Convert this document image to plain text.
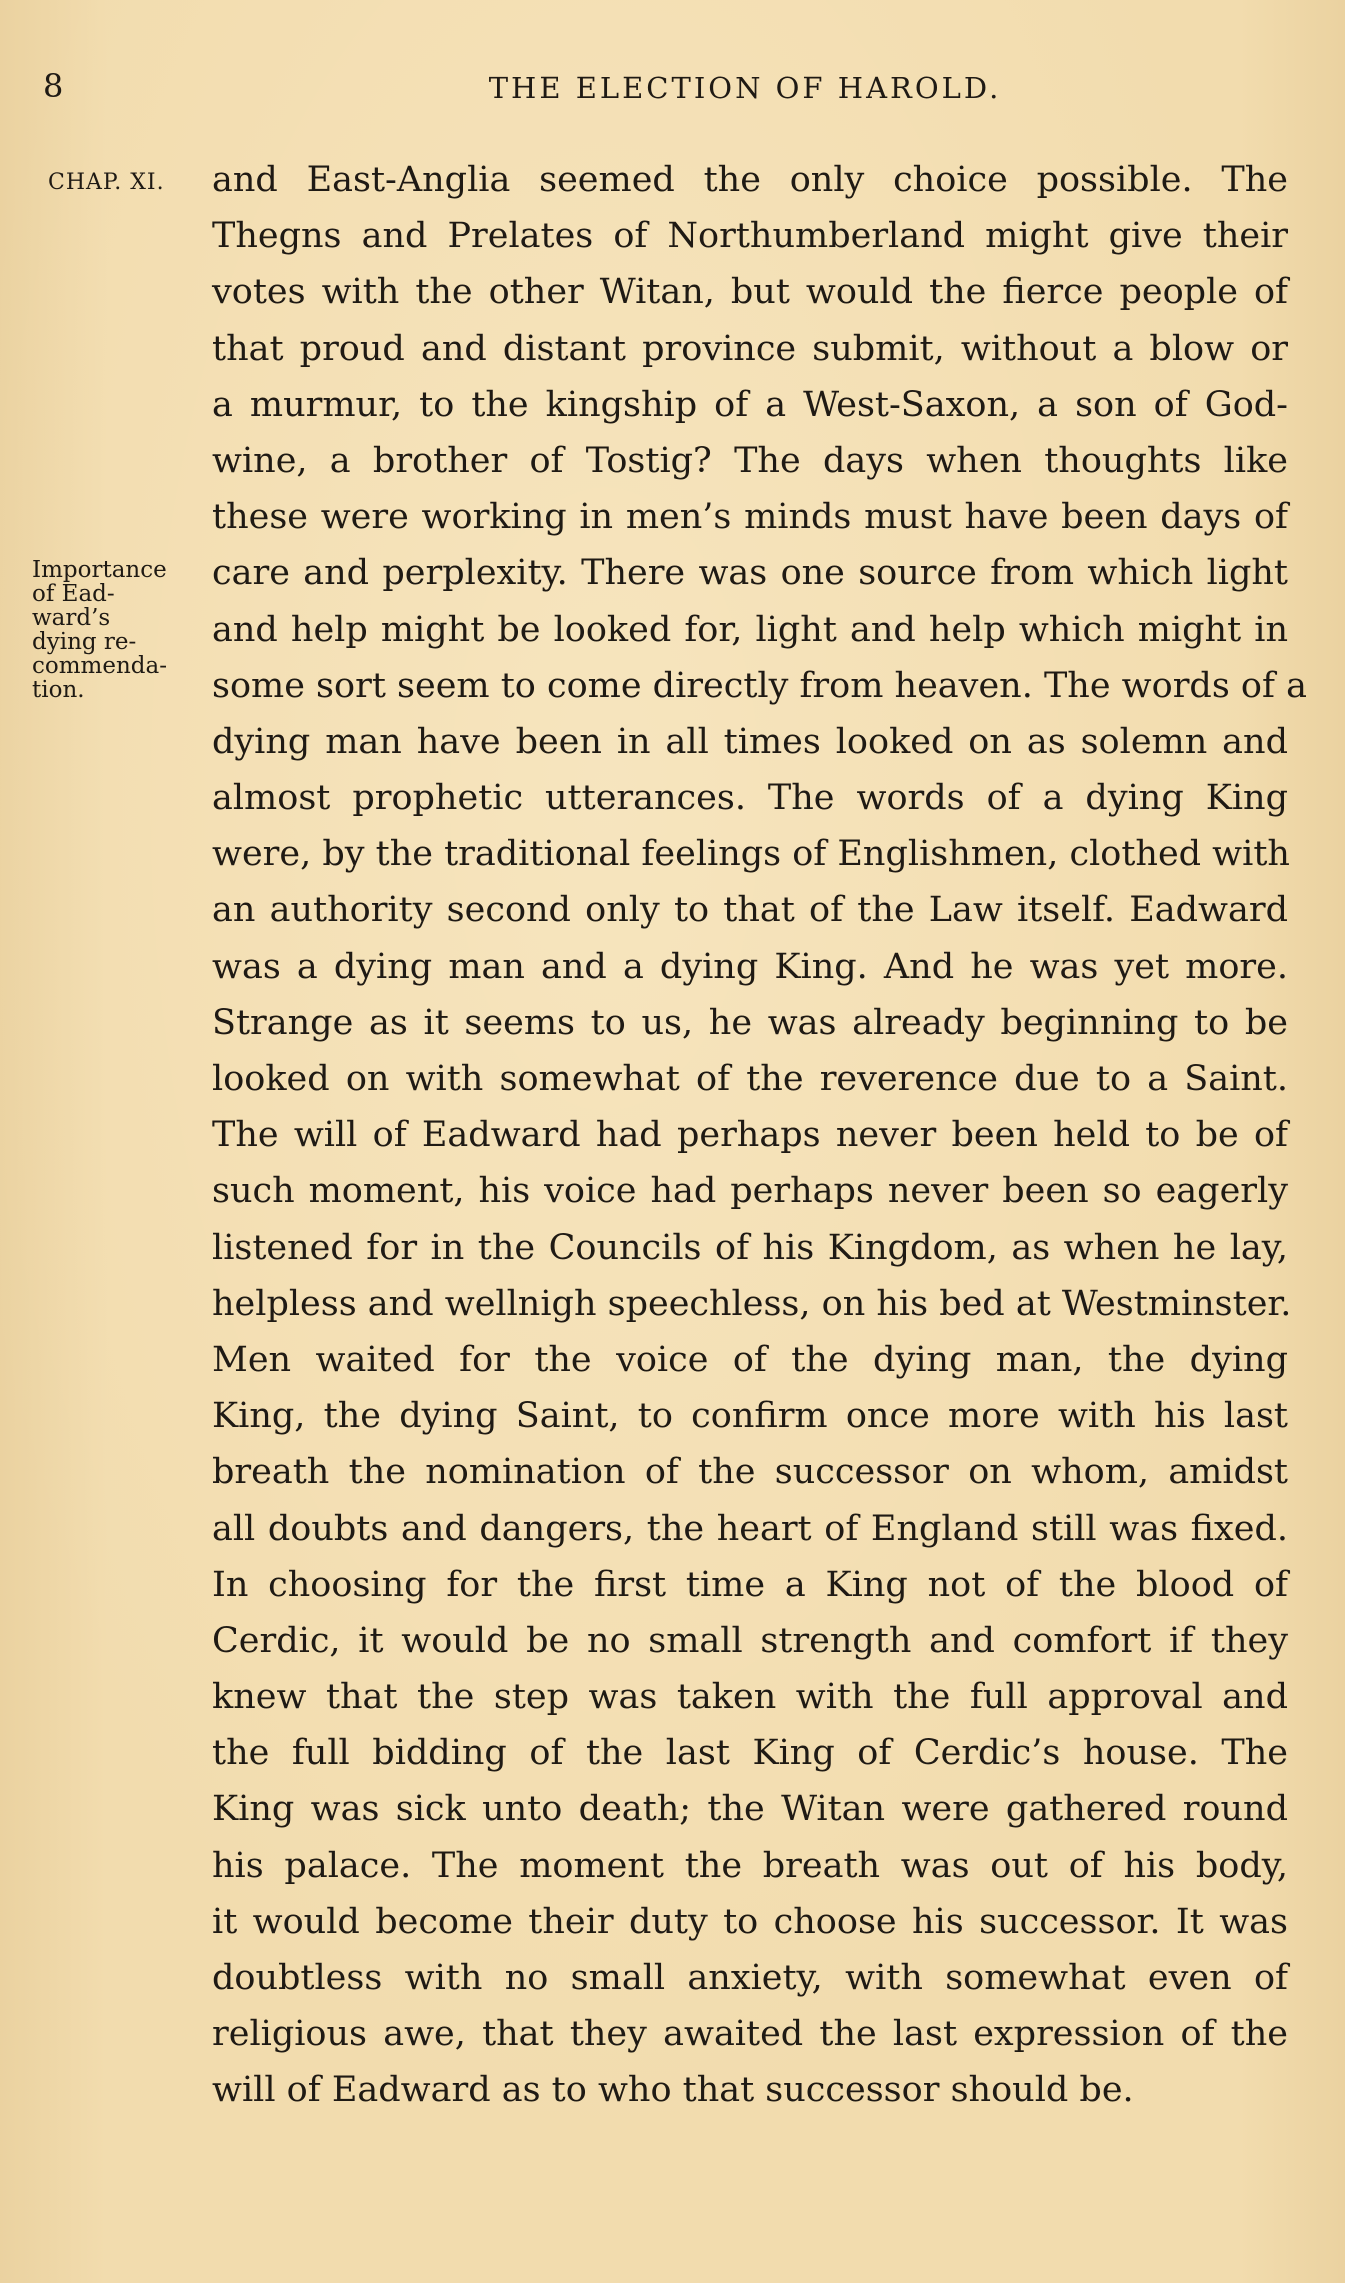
8	THE ELECTION OF HAROLD.
CHAP. XI.

Importance

of Ead-

ward’s

dying re-

commenda-

tion.

and East-Anglia seemed the only choice possible. The
Thegns and Prelates of Northumberland might give their
votes with the other Witan, but would the fierce people of
that proud and distant province submit, without a blow or
a murmur, to the kingship of a West-Saxon, a son of God-
wine, a brother of Tostig? The days when thoughts like
these were working in men’s minds must have been days of
care and perplexity. There was one source from which light
and help might be looked for, light and help which might in
some sort seem to come directly from heaven. The words of a
dying man have been in all times looked on as solemn and
almost prophetic utterances. The words of a dying King
were, by the traditional feelings of Englishmen, clothed with
an authority second only to that of the Law itself. Eadward
was a dying man and a dying King. And he was yet more.
Strange as it seems to us, he was already beginning to be
looked on with somewhat of the reverence due to a Saint.
The will of Eadward had perhaps never been held to be of
such moment, his voice had perhaps never been so eagerly
listened for in the Councils of his Kingdom, as when he lay,
helpless and wellnigh speechless, on his bed at Westminster.
Men waited for the voice of the dying man, the dying
King, the dying Saint, to confirm once more with his last
breath the nomination of the successor on whom, amidst
all doubts and dangers, the heart of England still was fixed.
In choosing for the first time a King not of the blood of
Cerdic, it would be no small strength and comfort if they
knew that the step was taken with the full approval and
the full bidding of the last King of Cerdic’s house. The
King was sick unto death; the Witan were gathered round
his palace. The moment the breath was out of his body,
it would become their duty to choose his successor. It was
doubtless with no small anxiety, with somewhat even of
religious awe, that they awaited the last expression of the
will of Eadward as to who that successor should be.
